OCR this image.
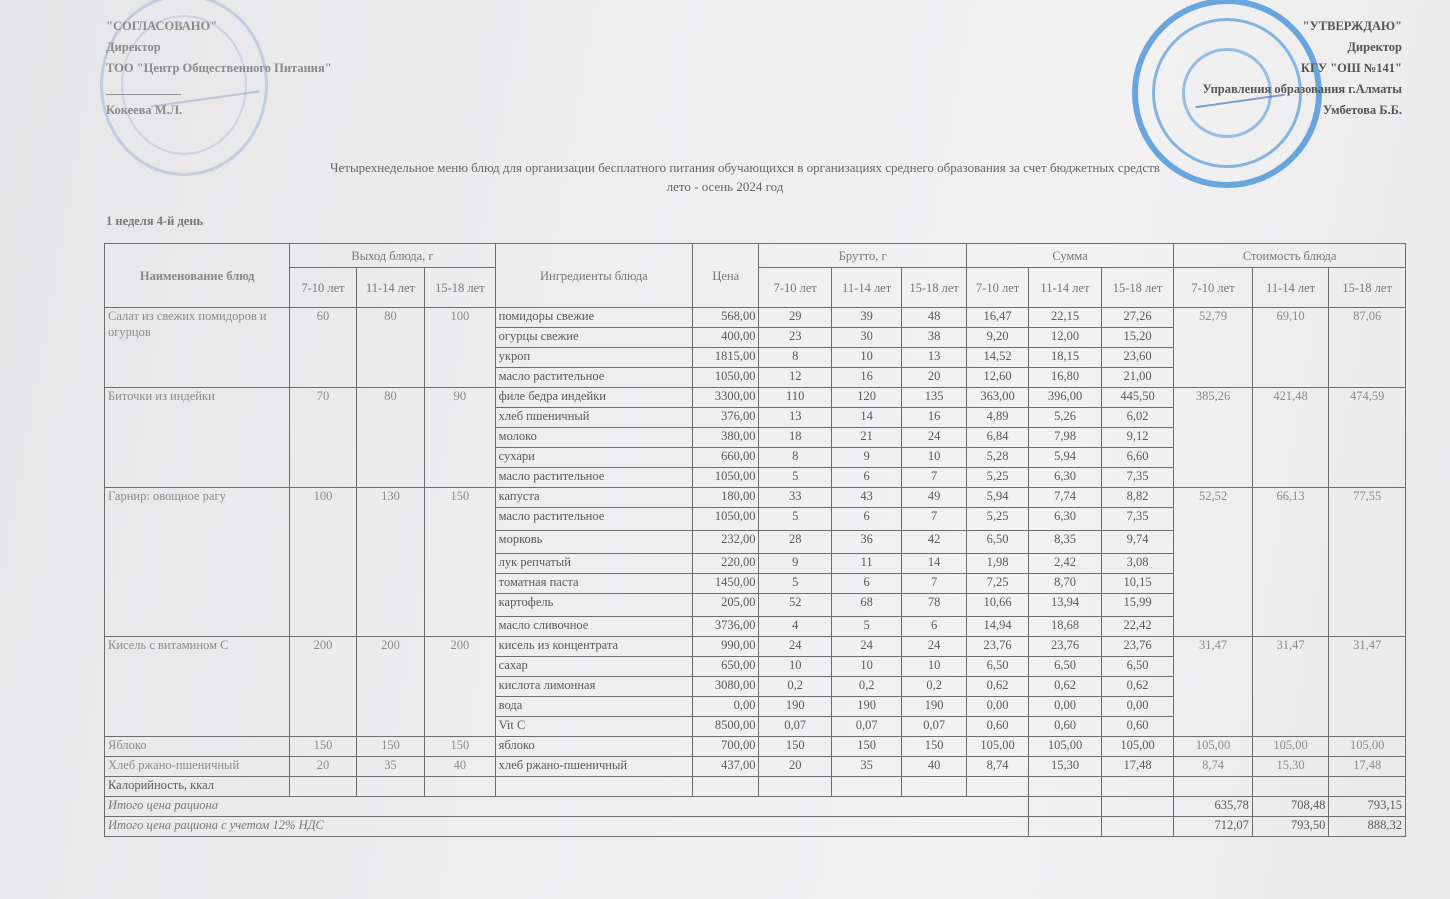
"СОГЛАСОВАНО"
Директор
ТОО "Центр Общественного Питания"
____________
Кокеева М.Л.
"УТВЕРЖДАЮ"
Директор
КГУ "ОШ №141"
Управления образования г.Алматы
Умбетова Б.Б.
Четырехнедельное меню блюд для организации бесплатного питания обучающихся в организациях среднего образования за счет бюджетных средств
лето - осень 2024 год
1 неделя 4-й день
Наименование блюд	Выход блюда, г			Ингредиенты блюда	Цена	Брутто, г			Сумма			Стоимость блюда		
	7-10 лет	11-14 лет	15-18 лет			7-10 лет	11-14 лет	15-18 лет	7-10 лет	11-14 лет	15-18 лет	7-10 лет	11-14 лет	15-18 лет
Салат из свежих помидоров и огурцов	60	80	100	помидоры свежие	568,00	29	39	48	16,47	22,15	27,26	52,79	69,10	87,06
				огурцы свежие	400,00	23	30	38	9,20	12,00	15,20			
				укроп	1815,00	8	10	13	14,52	18,15	23,60			
				масло растительное	1050,00	12	16	20	12,60	16,80	21,00			
Биточки из индейки	70	80	90	филе бедра индейки	3300,00	110	120	135	363,00	396,00	445,50	385,26	421,48	474,59
				хлеб пшеничный	376,00	13	14	16	4,89	5,26	6,02			
				молоко	380,00	18	21	24	6,84	7,98	9,12			
				сухари	660,00	8	9	10	5,28	5,94	6,60			
				масло растительное	1050,00	5	6	7	5,25	6,30	7,35			
Гарнир: овощное рагу	100	130	150	капуста	180,00	33	43	49	5,94	7,74	8,82	52,52	66,13	77,55
				масло растительное	1050,00	5	6	7	5,25	6,30	7,35			
				морковь	232,00	28	36	42	6,50	8,35	9,74			
				лук репчатый	220,00	9	11	14	1,98	2,42	3,08			
				томатная паста	1450,00	5	6	7	7,25	8,70	10,15			
				картофель	205,00	52	68	78	10,66	13,94	15,99			
				масло сливочное	3736,00	4	5	6	14,94	18,68	22,42			
Кисель с витамином С	200	200	200	кисель из концентрата	990,00	24	24	24	23,76	23,76	23,76	31,47	31,47	31,47
				сахар	650,00	10	10	10	6,50	6,50	6,50			
				кислота лимонная	3080,00	0,2	0,2	0,2	0,62	0,62	0,62			
				вода	0,00	190	190	190	0,00	0,00	0,00			
				Vit C	8500,00	0,07	0,07	0,07	0,60	0,60	0,60			
Яблоко	150	150	150	яблоко	700,00	150	150	150	105,00	105,00	105,00	105,00	105,00	105,00
Хлеб ржано-пшеничный	20	35	40	хлеб ржано-пшеничный	437,00	20	35	40	8,74	15,30	17,48	8,74	15,30	17,48
Калорийность, ккал														
Итого цена рациона												635,78	708,48	793,15
Итого цена рациона с учетом 12% НДС												712,07	793,50	888,32
